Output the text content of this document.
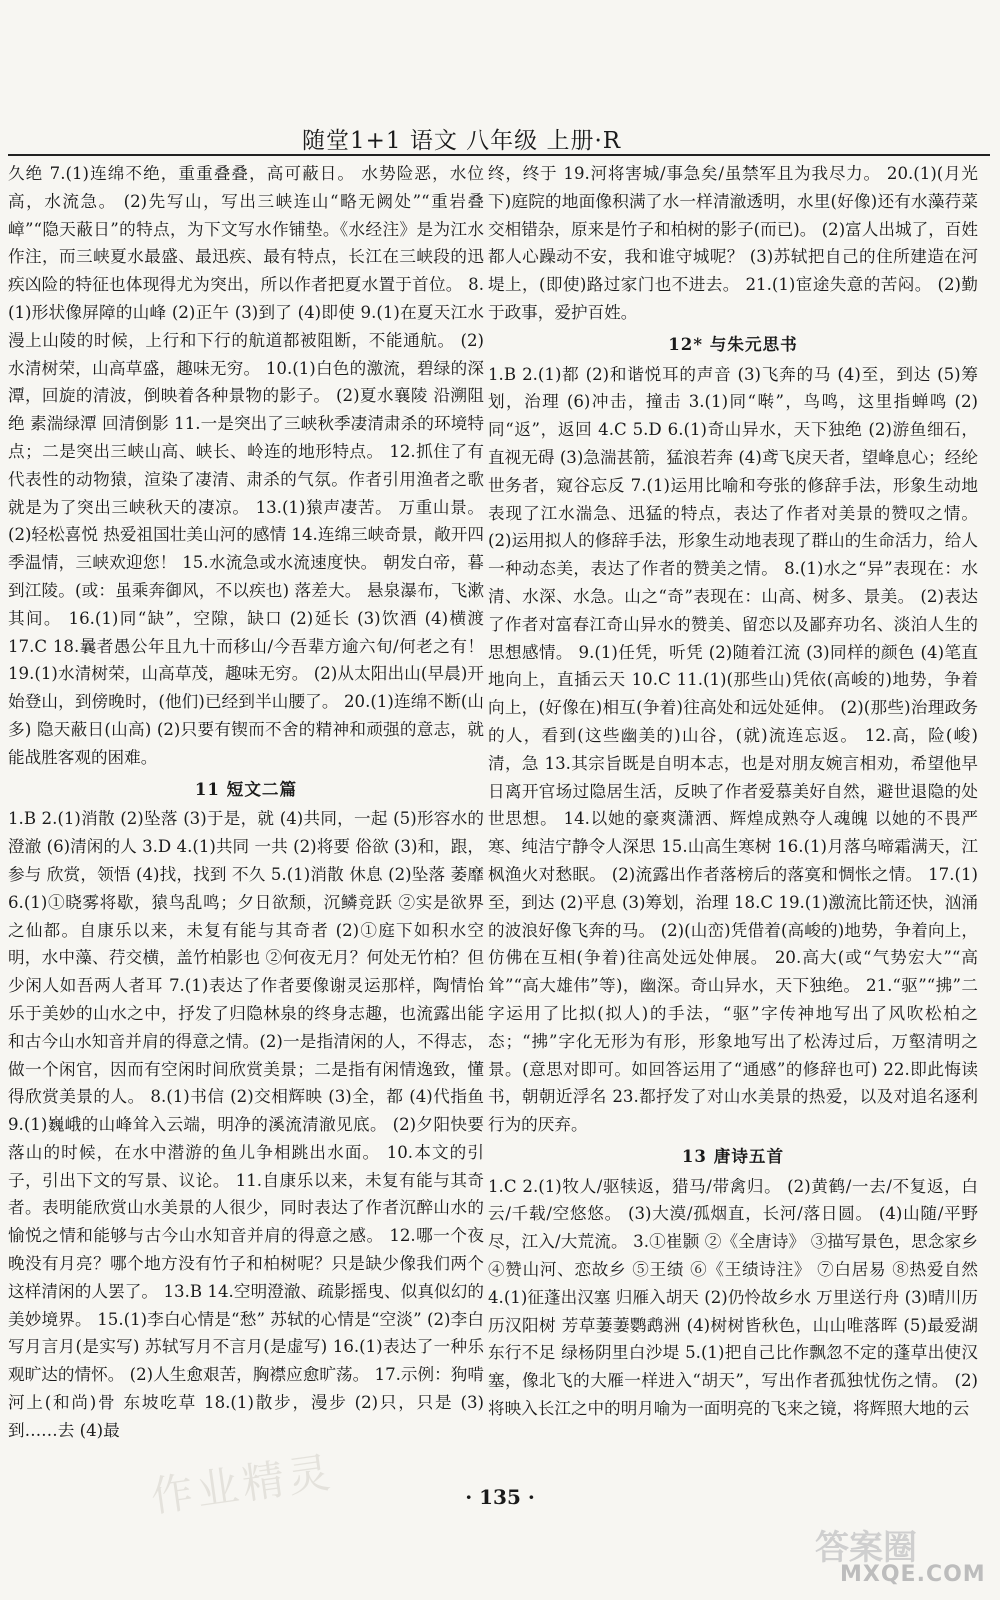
随堂1+1 语文 八年级 上册·R

久绝 7.(1)连绵不绝，重重叠叠，高可蔽日。 水势险恶，水位高，水流急。 (2)先写山，写出三峡连山“略无阙处”“重岩叠嶂”“隐天蔽日”的特点，为下文写水作铺垫。《水经注》是为江水作注，而三峡夏水最盛、最迅疾、最有特点，长江在三峡段的迅疾凶险的特征也体现得尤为突出，所以作者把夏水置于首位。 8.(1)形状像屏障的山峰 (2)正午 (3)到了 (4)即使 9.(1)在夏天江水漫上山陵的时候，上行和下行的航道都被阻断，不能通航。 (2)水清树荣，山高草盛，趣味无穷。 10.(1)白色的激流，碧绿的深潭，回旋的清波，倒映着各种景物的影子。 (2)夏水襄陵 沿溯阻绝 素湍绿潭 回清倒影 11.一是突出了三峡秋季凄清肃杀的环境特点；二是突出三峡山高、峡长、岭连的地形特点。 12.抓住了有代表性的动物猿，渲染了凄清、肃杀的气氛。作者引用渔者之歌就是为了突出三峡秋天的凄凉。 13.(1)猿声凄苦。 万重山景。 (2)轻松喜悦 热爱祖国壮美山河的感情 14.连绵三峡奇景，敞开四季温情，三峡欢迎您！ 15.水流急或水流速度快。 朝发白帝，暮到江陵。(或：虽乘奔御风，不以疾也) 落差大。 悬泉瀑布，飞漱其间。 16.(1)同“缺”，空隙，缺口 (2)延长 (3)饮酒 (4)横渡 17.C 18.曩者愚公年且九十而移山/今吾辈方逾六旬/何老之有！ 19.(1)水清树荣，山高草茂，趣味无穷。 (2)从太阳出山(早晨)开始登山，到傍晚时，(他们)已经到半山腰了。 20.(1)连绵不断(山多) 隐天蔽日(山高) (2)只要有锲而不舍的精神和顽强的意志，就能战胜客观的困难。

11 短文二篇

1.B 2.(1)消散 (2)坠落 (3)于是，就 (4)共同，一起 (5)形容水的澄澈 (6)清闲的人 3.D 4.(1)共同 一共 (2)将要 俗欲 (3)和，跟，参与 欣赏，领悟 (4)找，找到 不久 5.(1)消散 休息 (2)坠落 萎靡 6.(1)①晓雾将歇，猿鸟乱鸣；夕日欲颓，沉鳞竞跃 ②实是欲界之仙都。自康乐以来，未复有能与其奇者 (2)①庭下如积水空明，水中藻、荇交横，盖竹柏影也 ②何夜无月？何处无竹柏？但少闲人如吾两人者耳 7.(1)表达了作者要像谢灵运那样，陶情怡乐于美妙的山水之中，抒发了归隐林泉的终身志趣，也流露出能和古今山水知音并肩的得意之情。(2)一是指清闲的人，不得志，做一个闲官，因而有空闲时间欣赏美景；二是指有闲情逸致，懂得欣赏美景的人。 8.(1)书信 (2)交相辉映 (3)全，都 (4)代指鱼 9.(1)巍峨的山峰耸入云端，明净的溪流清澈见底。 (2)夕阳快要落山的时候，在水中潜游的鱼儿争相跳出水面。 10.本文的引子，引出下文的写景、议论。 11.自康乐以来，未复有能与其奇者。表明能欣赏山水美景的人很少，同时表达了作者沉醉山水的愉悦之情和能够与古今山水知音并肩的得意之感。 12.哪一个夜晚没有月亮？哪个地方没有竹子和柏树呢？只是缺少像我们两个这样清闲的人罢了。 13.B 14.空明澄澈、疏影摇曳、似真似幻的美妙境界。 15.(1)李白心情是“愁” 苏轼的心情是“空淡” (2)李白写月言月(是实写) 苏轼写月不言月(是虚写) 16.(1)表达了一种乐观旷达的情怀。 (2)人生愈艰苦，胸襟应愈旷荡。 17.示例：狗啃河上(和尚)骨 东坡吃草 18.(1)散步，漫步 (2)只，只是 (3)到……去 (4)最

终，终于 19.河将害城/事急矣/虽禁军且为我尽力。 20.(1)(月光下)庭院的地面像积满了水一样清澈透明，水里(好像)还有水藻荇菜交相错杂，原来是竹子和柏树的影子(而已)。 (2)富人出城了，百姓都人心躁动不安，我和谁守城呢？ (3)苏轼把自己的住所建造在河堤上，(即使)路过家门也不进去。 21.(1)宦途失意的苦闷。 (2)勤于政事，爱护百姓。

12* 与朱元思书

1.B 2.(1)都 (2)和谐悦耳的声音 (3)飞奔的马 (4)至，到达 (5)筹划，治理 (6)冲击，撞击 3.(1)同“啭”，鸟鸣，这里指蝉鸣 (2)同“返”，返回 4.C 5.D 6.(1)奇山异水，天下独绝 (2)游鱼细石，直视无碍 (3)急湍甚箭，猛浪若奔 (4)鸢飞戾天者，望峰息心；经纶世务者，窥谷忘反 7.(1)运用比喻和夸张的修辞手法，形象生动地表现了江水湍急、迅猛的特点，表达了作者对美景的赞叹之情。 (2)运用拟人的修辞手法，形象生动地表现了群山的生命活力，给人一种动态美，表达了作者的赞美之情。 8.(1)水之“异”表现在：水清、水深、水急。山之“奇”表现在：山高、树多、景美。 (2)表达了作者对富春江奇山异水的赞美、留恋以及鄙弃功名、淡泊人生的思想感情。 9.(1)任凭，听凭 (2)随着江流 (3)同样的颜色 (4)笔直地向上，直插云天 10.C 11.(1)(那些山)凭依(高峻的)地势，争着向上，(好像在)相互(争着)往高处和远处延伸。 (2)(那些)治理政务的人，看到(这些幽美的)山谷，(就)流连忘返。 12.高，险(峻) 清，急 13.其宗旨既是自明本志，也是对朋友婉言相劝，希望他早日离开官场过隐居生活，反映了作者爱慕美好自然，避世退隐的处世思想。 14.以她的豪爽潇洒、辉煌成熟夺人魂魄 以她的不畏严寒、纯洁宁静令人深思 15.山高生寒树 16.(1)月落乌啼霜满天，江枫渔火对愁眠。 (2)流露出作者落榜后的落寞和惆怅之情。 17.(1)至，到达 (2)平息 (3)筹划，治理 18.C 19.(1)激流比箭还快，汹涌的波浪好像飞奔的马。 (2)(山峦)凭借着(高峻的)地势，争着向上，仿佛在互相(争着)往高处远处伸展。 20.高大(或“气势宏大”“高耸”“高大雄伟”等)，幽深。奇山异水，天下独绝。 21.“驱”“拂”二字运用了比拟(拟人)的手法，“驱”字传神地写出了风吹松柏之态；“拂”字化无形为有形，形象地写出了松涛过后，万壑清明之景。(意思对即可。如回答运用了“通感”的修辞也可) 22.即此悔读书，朝朝近浮名 23.都抒发了对山水美景的热爱，以及对追名逐利行为的厌弃。

13 唐诗五首

1.C 2.(1)牧人/驱犊返，猎马/带禽归。 (2)黄鹤/一去/不复返，白云/千载/空悠悠。 (3)大漠/孤烟直，长河/落日圆。 (4)山随/平野尽，江入/大荒流。 3.①崔颢 ②《全唐诗》 ③描写景色，思念家乡 ④赞山河、恋故乡 ⑤王绩 ⑥《王绩诗注》 ⑦白居易 ⑧热爱自然 4.(1)征蓬出汉塞 归雁入胡天 (2)仍怜故乡水 万里送行舟 (3)晴川历历汉阳树 芳草萋萋鹦鹉洲 (4)树树皆秋色，山山唯落晖 (5)最爱湖东行不足 绿杨阴里白沙堤 5.(1)把自己比作飘忽不定的蓬草出使汉塞，像北飞的大雁一样进入“胡天”，写出作者孤独忧伤之情。 (2)将映入长江之中的明月喻为一面明亮的飞来之镜，将辉照大地的云

· 135 ·
作业精灵
答案圈
MXQE.COM
